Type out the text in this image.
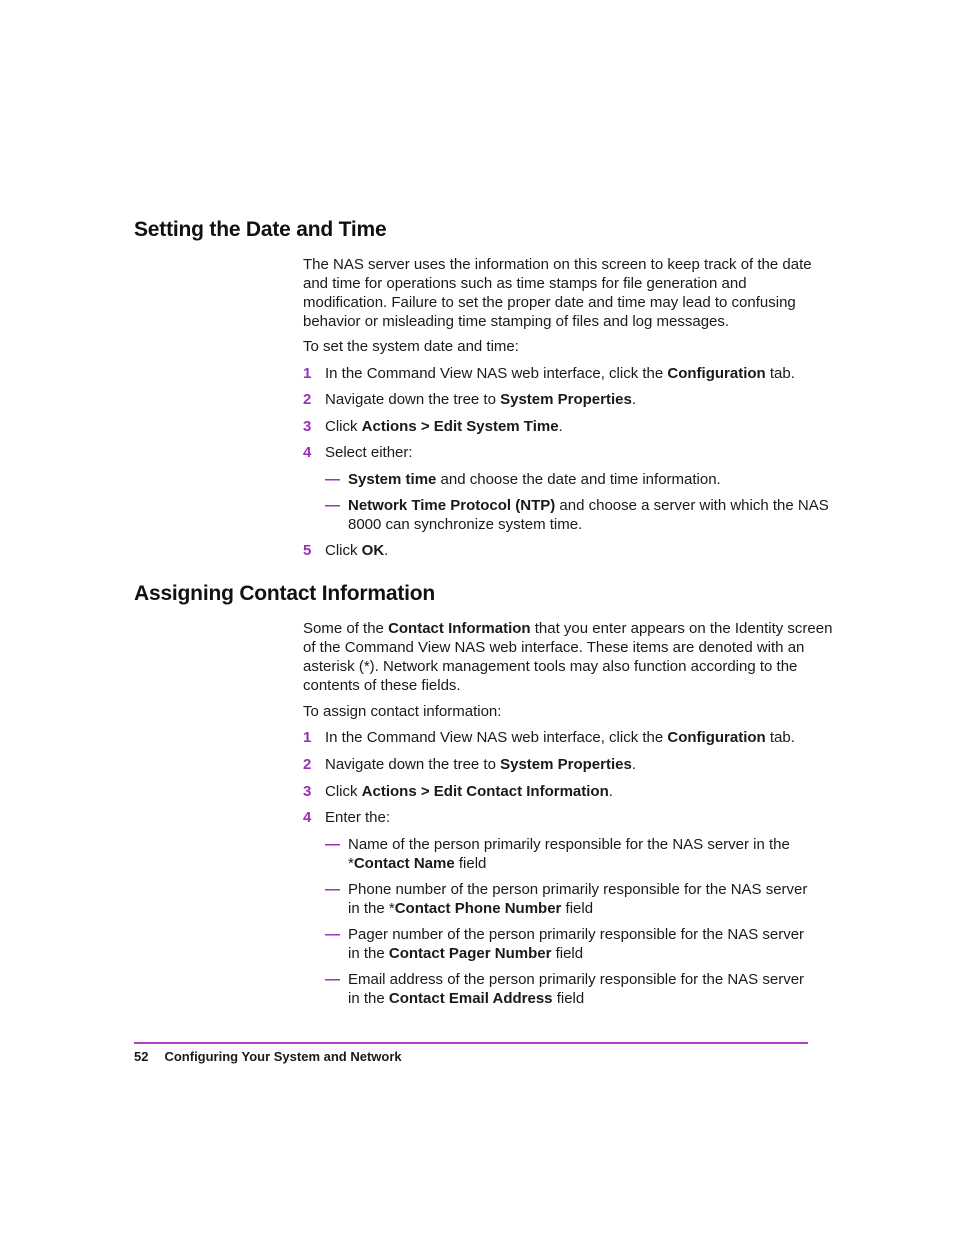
Setting the Date and Time
The NAS server uses the information on this screen to keep track of the date
and time for operations such as time stamps for file generation and
modification. Failure to set the proper date and time may lead to confusing
behavior or misleading time stamping of files and log messages.
To set the system date and time:
1 In the Command View NAS web interface, click the Configuration tab.
2 Navigate down the tree to System Properties.
3 Click Actions > Edit System Time.
4 Select either:
— System time and choose the date and time information.
— Network Time Protocol (NTP) and choose a server with which the NAS
8000 can synchronize system time.
5 Click OK.
Assigning Contact Information
Some of the Contact Information that you enter appears on the Identity screen
of the Command View NAS web interface. These items are denoted with an
asterisk (*). Network management tools may also function according to the
contents of these fields.
To assign contact information:
1 In the Command View NAS web interface, click the Configuration tab.
2 Navigate down the tree to System Properties.
3 Click Actions > Edit Contact Information.
4 Enter the:
— Name of the person primarily responsible for the NAS server in the
*Contact Name field
— Phone number of the person primarily responsible for the NAS server
in the *Contact Phone Number field
— Pager number of the person primarily responsible for the NAS server
in the Contact Pager Number field
— Email address of the person primarily responsible for the NAS server
in the Contact Email Address field
52 Configuring Your System and Network
